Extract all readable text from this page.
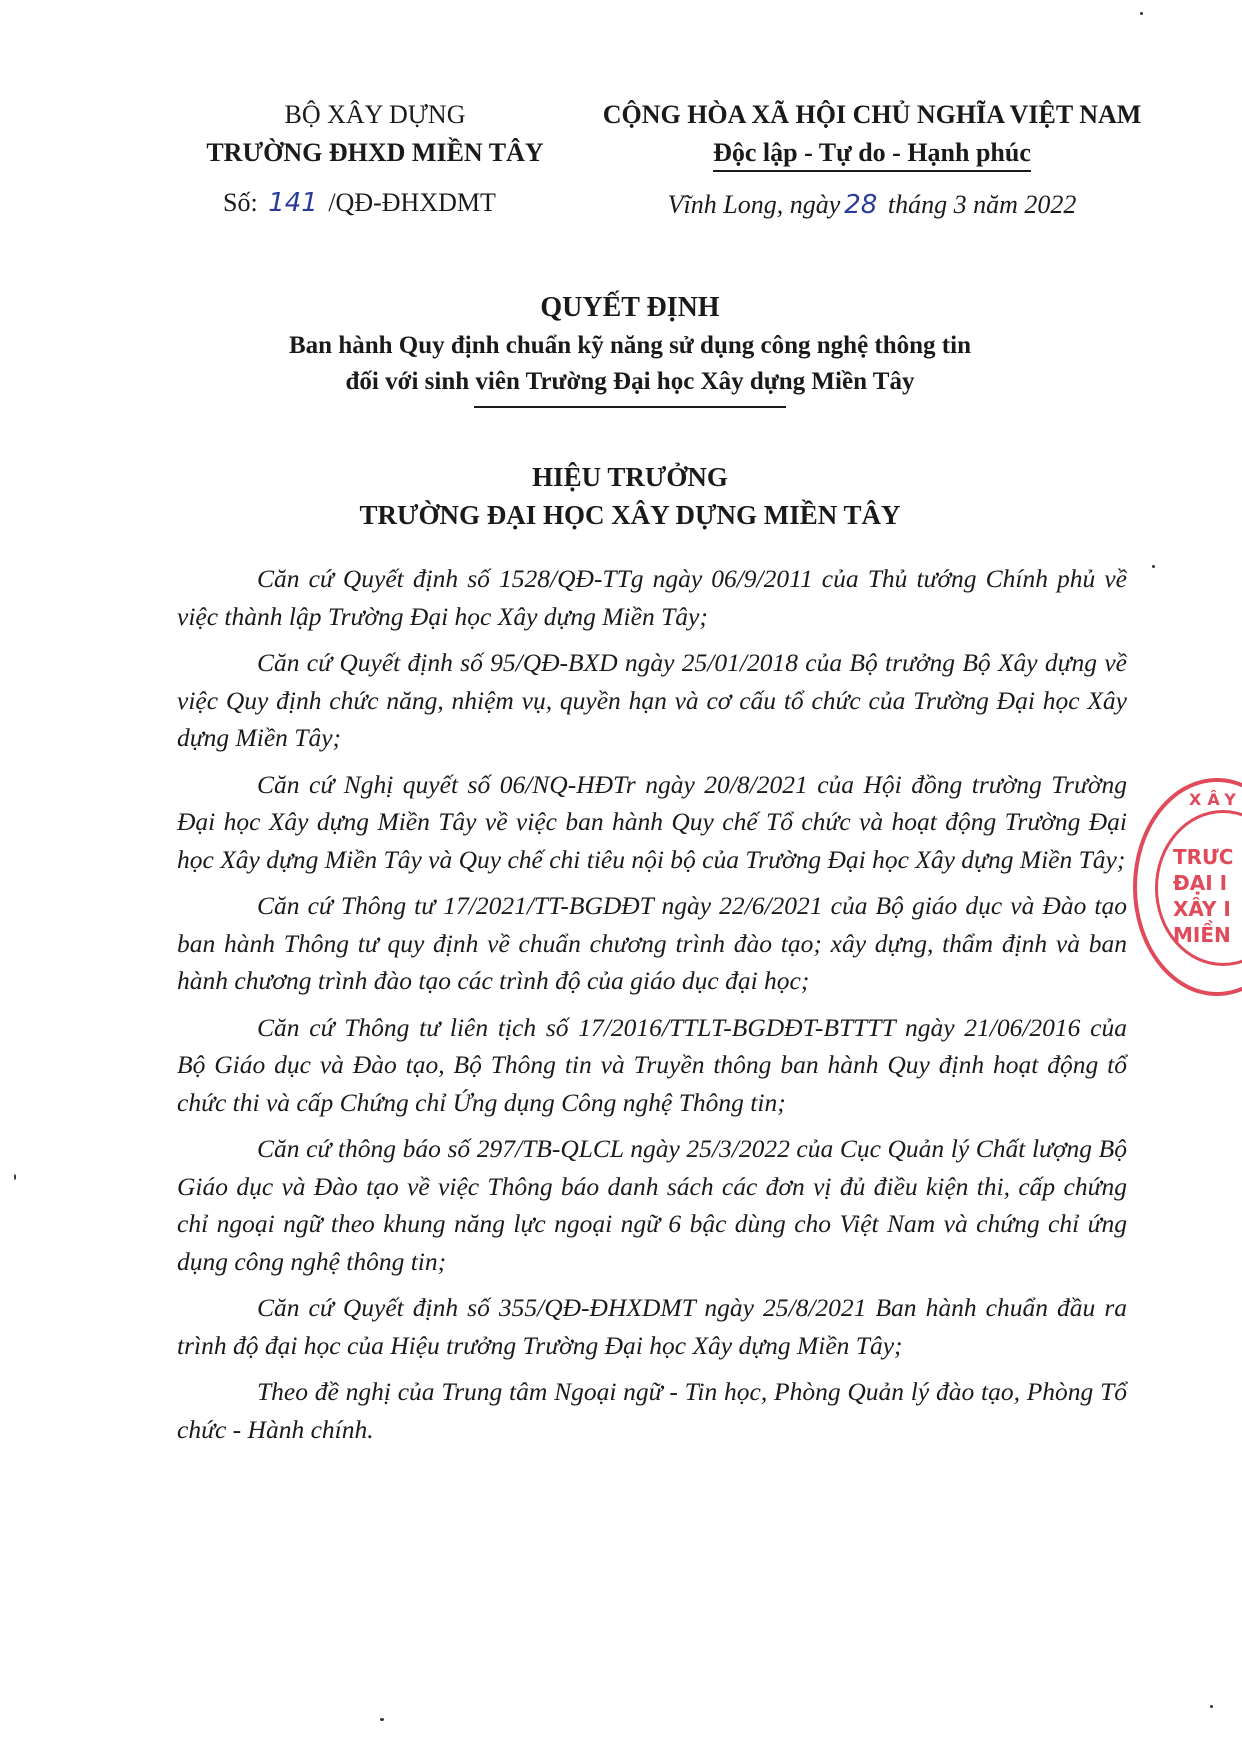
BỘ XÂY DỰNG
TRƯỜNG ĐHXD MIỀN TÂY
Số: 141 /QĐ-ĐHXDMT
CỘNG HÒA XÃ HỘI CHỦ NGHĨA VIỆT NAM
Độc lập - Tự do - Hạnh phúc
Vĩnh Long, ngày 28 tháng 3 năm 2022
QUYẾT ĐỊNH
Ban hành Quy định chuẩn kỹ năng sử dụng công nghệ thông tin
đối với sinh viên Trường Đại học Xây dựng Miền Tây
HIỆU TRƯỞNG
TRƯỜNG ĐẠI HỌC XÂY DỰNG MIỀN TÂY

Căn cứ Quyết định số 1528/QĐ-TTg ngày 06/9/2011 của Thủ tướng Chính phủ về việc thành lập Trường Đại học Xây dựng Miền Tây;

Căn cứ Quyết định số 95/QĐ-BXD ngày 25/01/2018 của Bộ trưởng Bộ Xây dựng về việc Quy định chức năng, nhiệm vụ, quyền hạn và cơ cấu tổ chức của Trường Đại học Xây dựng Miền Tây;

Căn cứ Nghị quyết số 06/NQ-HĐTr ngày 20/8/2021 của Hội đồng trường Trường Đại học Xây dựng Miền Tây về việc ban hành Quy chế Tổ chức và hoạt động Trường Đại học Xây dựng Miền Tây và Quy chế chi tiêu nội bộ của Trường Đại học Xây dựng Miền Tây;

Căn cứ Thông tư 17/2021/TT-BGDĐT ngày 22/6/2021 của Bộ giáo dục và Đào tạo ban hành Thông tư quy định về chuẩn chương trình đào tạo; xây dựng, thẩm định và ban hành chương trình đào tạo các trình độ của giáo dục đại học;

Căn cứ Thông tư liên tịch số 17/2016/TTLT-BGDĐT-BTTTT ngày 21/06/2016 của Bộ Giáo dục và Đào tạo, Bộ Thông tin và Truyền thông ban hành Quy định hoạt động tổ chức thi và cấp Chứng chỉ Ứng dụng Công nghệ Thông tin;

Căn cứ thông báo số 297/TB-QLCL ngày 25/3/2022 của Cục Quản lý Chất lượng Bộ Giáo dục và Đào tạo về việc Thông báo danh sách các đơn vị đủ điều kiện thi, cấp chứng chỉ ngoại ngữ theo khung năng lực ngoại ngữ 6 bậc dùng cho Việt Nam và chứng chỉ ứng dụng công nghệ thông tin;

Căn cứ Quyết định số 355/QĐ-ĐHXDMT ngày 25/8/2021 Ban hành chuẩn đầu ra trình độ đại học của Hiệu trưởng Trường Đại học Xây dựng Miền Tây;

Theo đề nghị của Trung tâm Ngoại ngữ - Tin học, Phòng Quản lý đào tạo, Phòng Tổ chức - Hành chính.

XÂY
TRƯC
ĐẠI I
XÂY I
MIỀN
